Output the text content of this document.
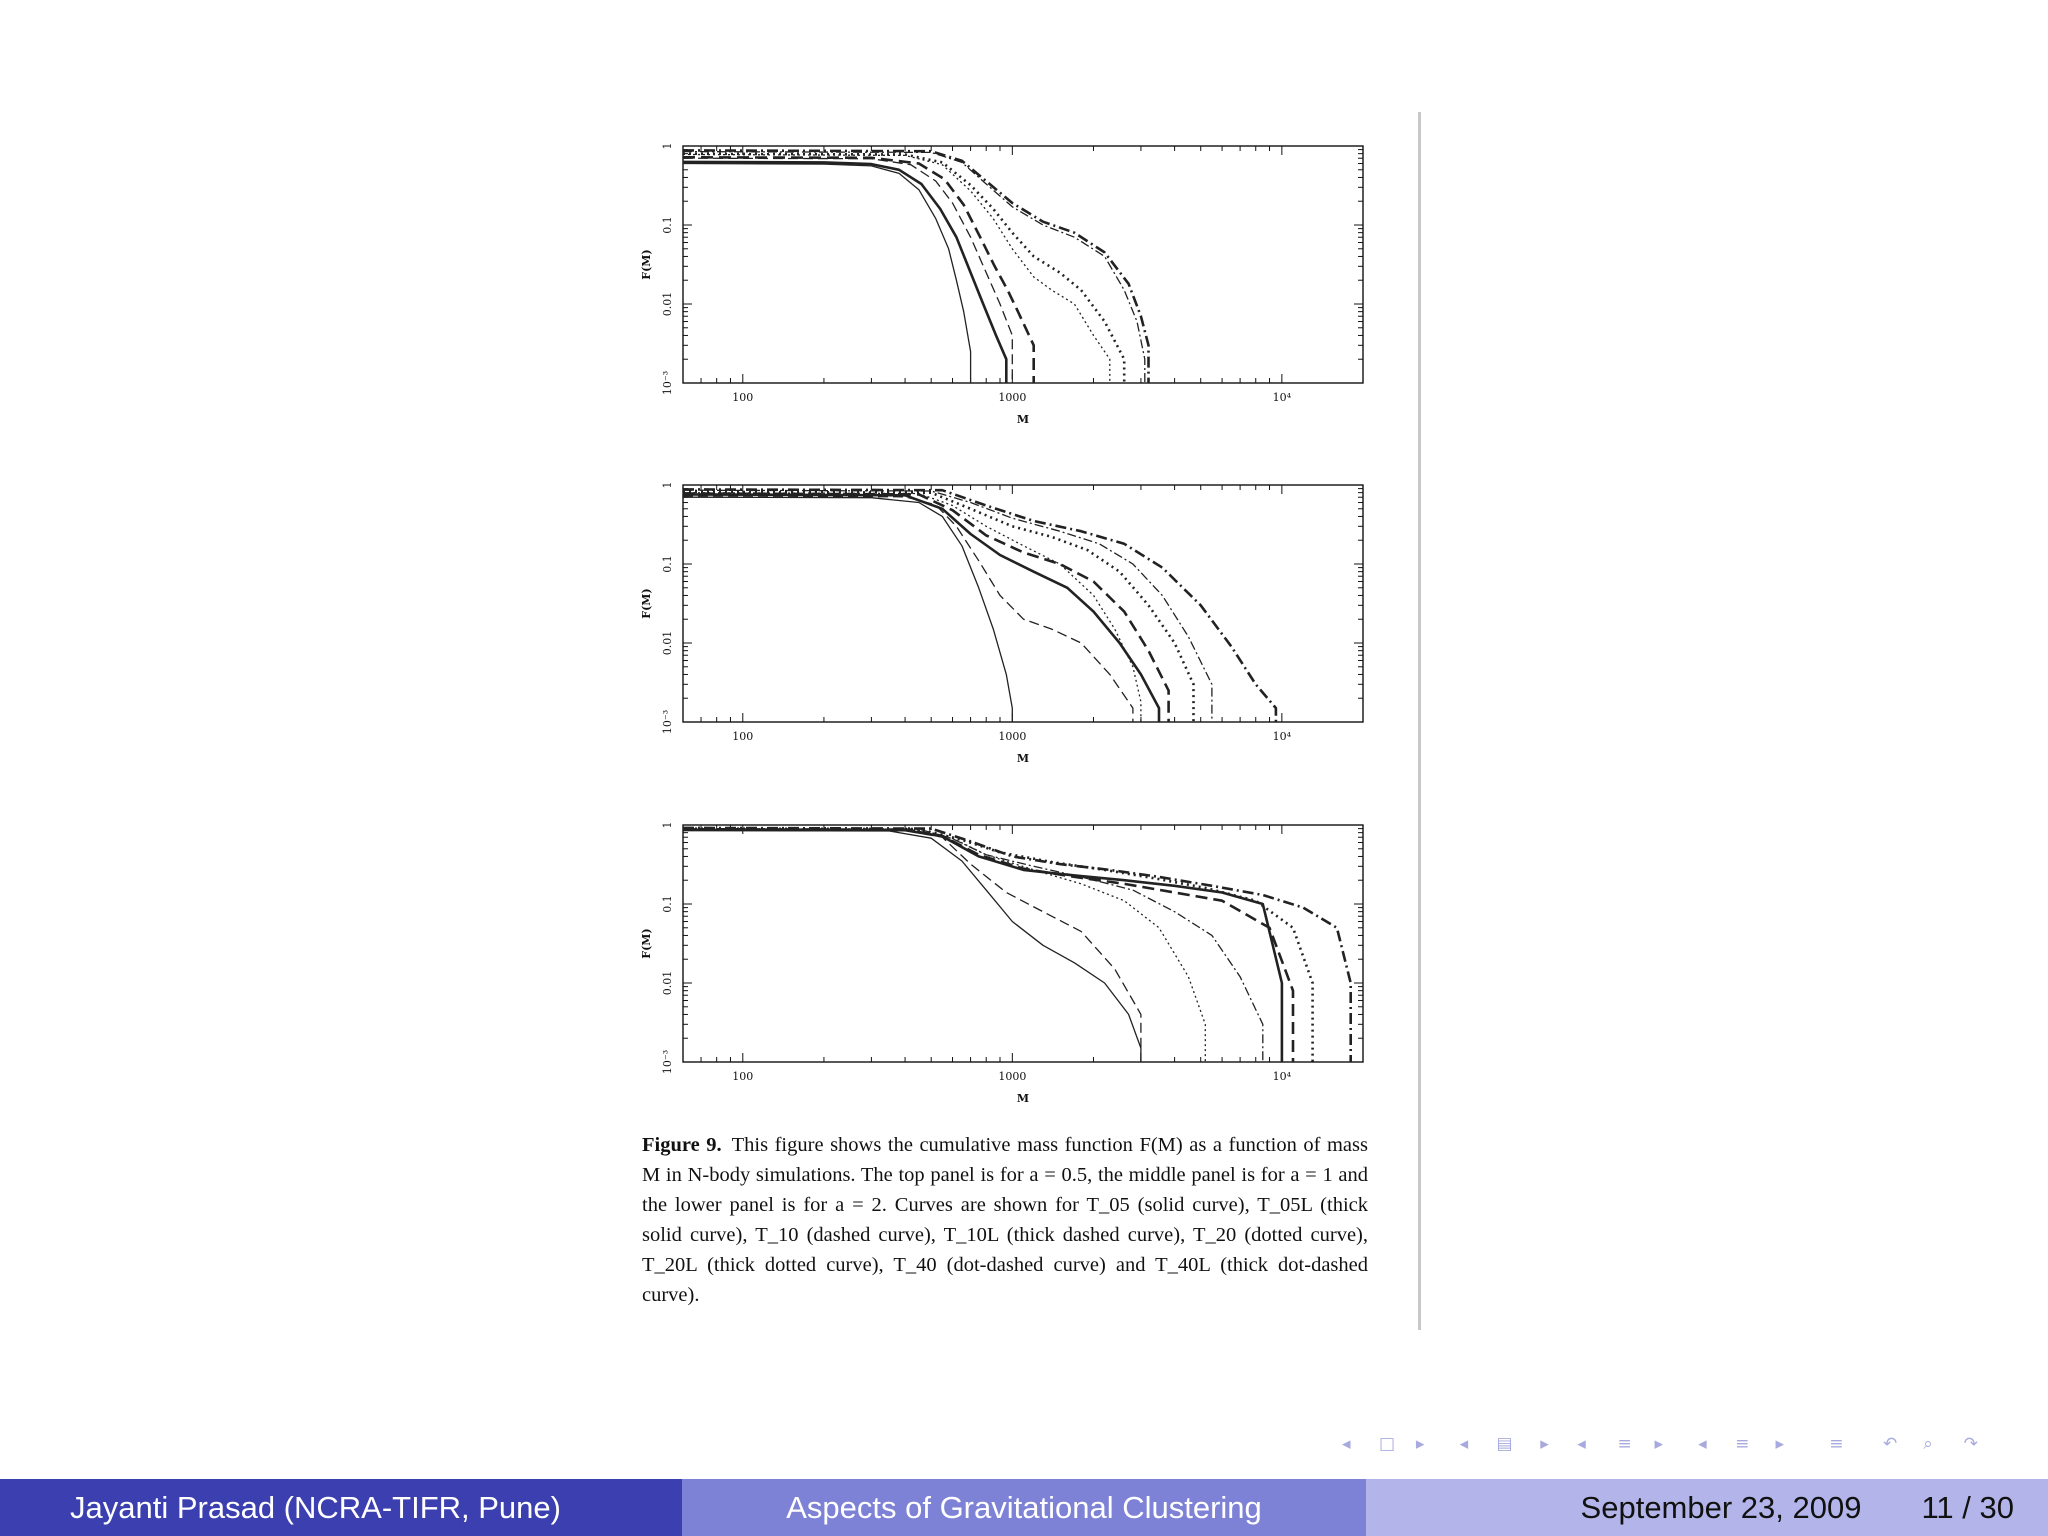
100	1000	10⁴
10⁻³
0.01
0.1
1
M
F(M)
100	1000	10⁴
10⁻³
0.01
0.1
1
M
F(M)
100	1000	10⁴
10⁻³
0.01
0.1
1
M
F(M)
Figure 9. This figure shows the cumulative mass function F(M) as a function of mass M in N-body simulations. The top panel is for a = 0.5, the middle panel is for a = 1 and the lower panel is for a = 2. Curves are shown for T_05 (solid curve), T_05L (thick solid curve), T_10 (dashed curve), T_10L (thick dashed curve), T_20 (dotted curve), T_20L (thick dotted curve), T_40 (dot-dashed curve) and T_40L (thick dot-dashed curve).
◂ □ ▸ ◂ ▤ ▸ ◂ ≡ ▸ ◂ ≡ ▸	≡ ↶ ⌕ ↷
Jayanti Prasad (NCRA-TIFR, Pune)	Aspects of Gravitational Clustering	September 23, 2009 11 / 30
